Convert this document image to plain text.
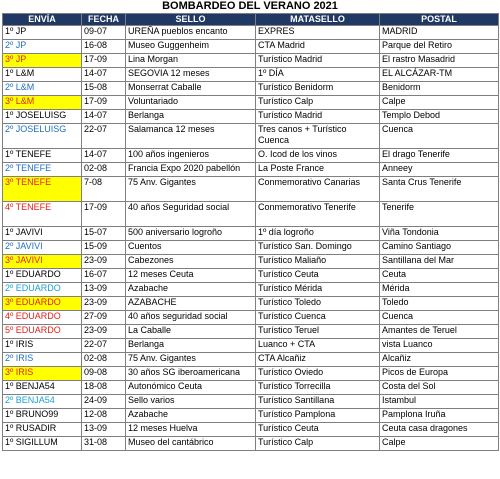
BOMBARDEO DEL VERANO 2021
ENVÍA	FECHA	SELLO	MATASELLO	POSTAL
1º JP	09-07	UREÑA pueblos encanto	EXPRES	MADRID
2º JP	16-08	Museo Guggenheim	CTA Madrid	Parque del Retiro
3º JP	17-09	Lina Morgan	Turístico Madrid	El rastro Masadrid
1º L&M	14-07	SEGOVIA 12 meses	1º DÍA	EL ALCÁZAR-TM
2º L&M	15-08	Monserrat Caballe	Turístico Benidorm	Benidorm
3º L&M	17-09	Voluntariado	Turístico Calp	Calpe
1º JOSELUISG	14-07	Berlanga	Turístico Madrid	Templo Debod
2º JOSELUISG	22-07	Salamanca 12 meses	Tres canos + Turístico Cuenca	Cuenca
1º TENEFE	14-07	100 años ingenieros	O. Icod de los vinos	El drago Tenerife
2º TENEFE	02-08	Francia Expo 2020 pabellón	La Poste France	Anneey
3º TENEFE	7-08	75 Anv. Gigantes	Conmemorativo Canarias	Santa Crus Tenerife
4º TENEFE	17-09	40 años Seguridad social	Conmemorativo Tenerife	Tenerife
1º JAVIVI	15-07	500 aniversario logroño	1º día logroño	Viña Tondonia
2º JAVIVI	15-09	Cuentos	Turístico San. Domingo	Camino Santiago
3º JAVIVI	23-09	Cabezones	Turístico Maliaño	Santillana del Mar
1º EDUARDO	16-07	12 meses Ceuta	Turístico Ceuta	Ceuta
2º EDUARDO	13-09	Azabache	Turístico Mérida	Mérida
3º EDUARDO	23-09	AZABACHE	Turístico Toledo	Toledo
4º EDUARDO	27-09	40 años seguridad social	Turístico Cuenca	Cuenca
5º EDUARDO	23-09	La Caballe	Turístico Teruel	Amantes de Teruel
1º IRIS	22-07	Berlanga	Luanco + CTA	vista Luanco
2º IRIS	02-08	75 Anv. Gigantes	CTA Alcañiz	Alcañiz
3º IRIS	09-08	30 años SG iberoamericana	Turístico Oviedo	Picos de Europa
1º BENJA54	18-08	Autonómico Ceuta	Turístico Torrecilla	Costa del Sol
2º BENJA54	24-09	Sello varios	Turístico Santillana	Istambul
1º BRUNO99	12-08	Azabache	Turístico Pamplona	Pamplona Iruña
1º RUSADIR	13-09	12 meses Huelva	Turístico Ceuta	Ceuta casa dragones
1º SIGILLUM	31-08	Museo del cantábrico	Turístico Calp	Calpe
